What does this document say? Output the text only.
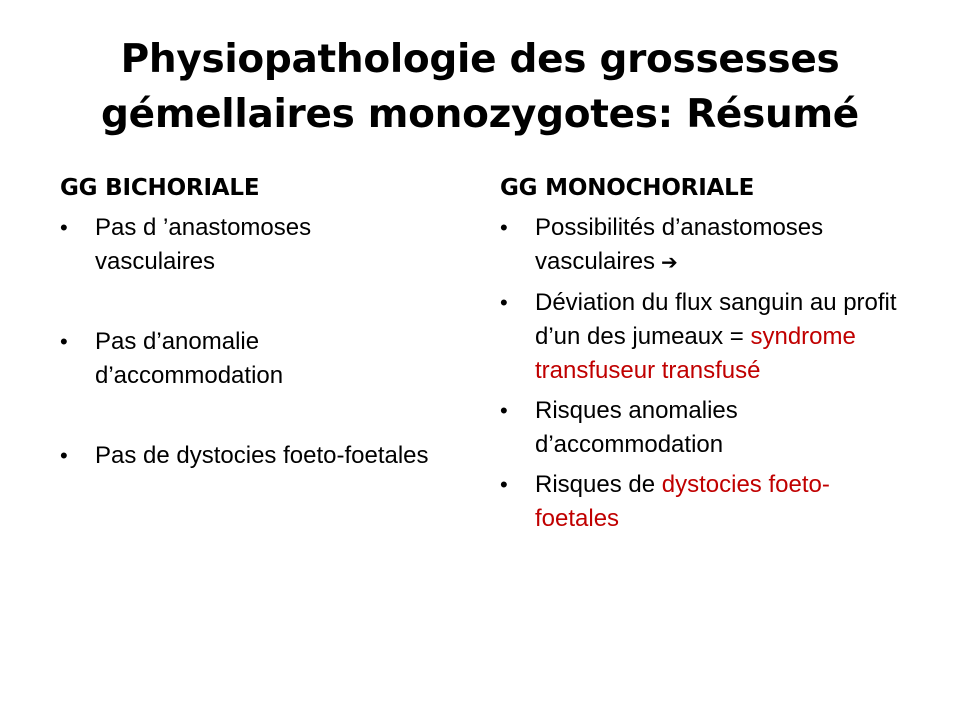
Physiopathologie des grossesses
gémellaires monozygotes: Résumé
GG BICHORIALE
•	Pas d ’anastomoses vasculaires
•	Pas d’anomalie d’accommodation
•	Pas de dystocies foeto-foetales
GG MONOCHORIALE
•	Possibilités d’anastomoses vasculaires ➔
•	Déviation du flux sanguin au profit d’un des jumeaux = syndrome transfuseur transfusé
•	Risques anomalies d’accommodation
•	Risques de dystocies foeto-foetales
